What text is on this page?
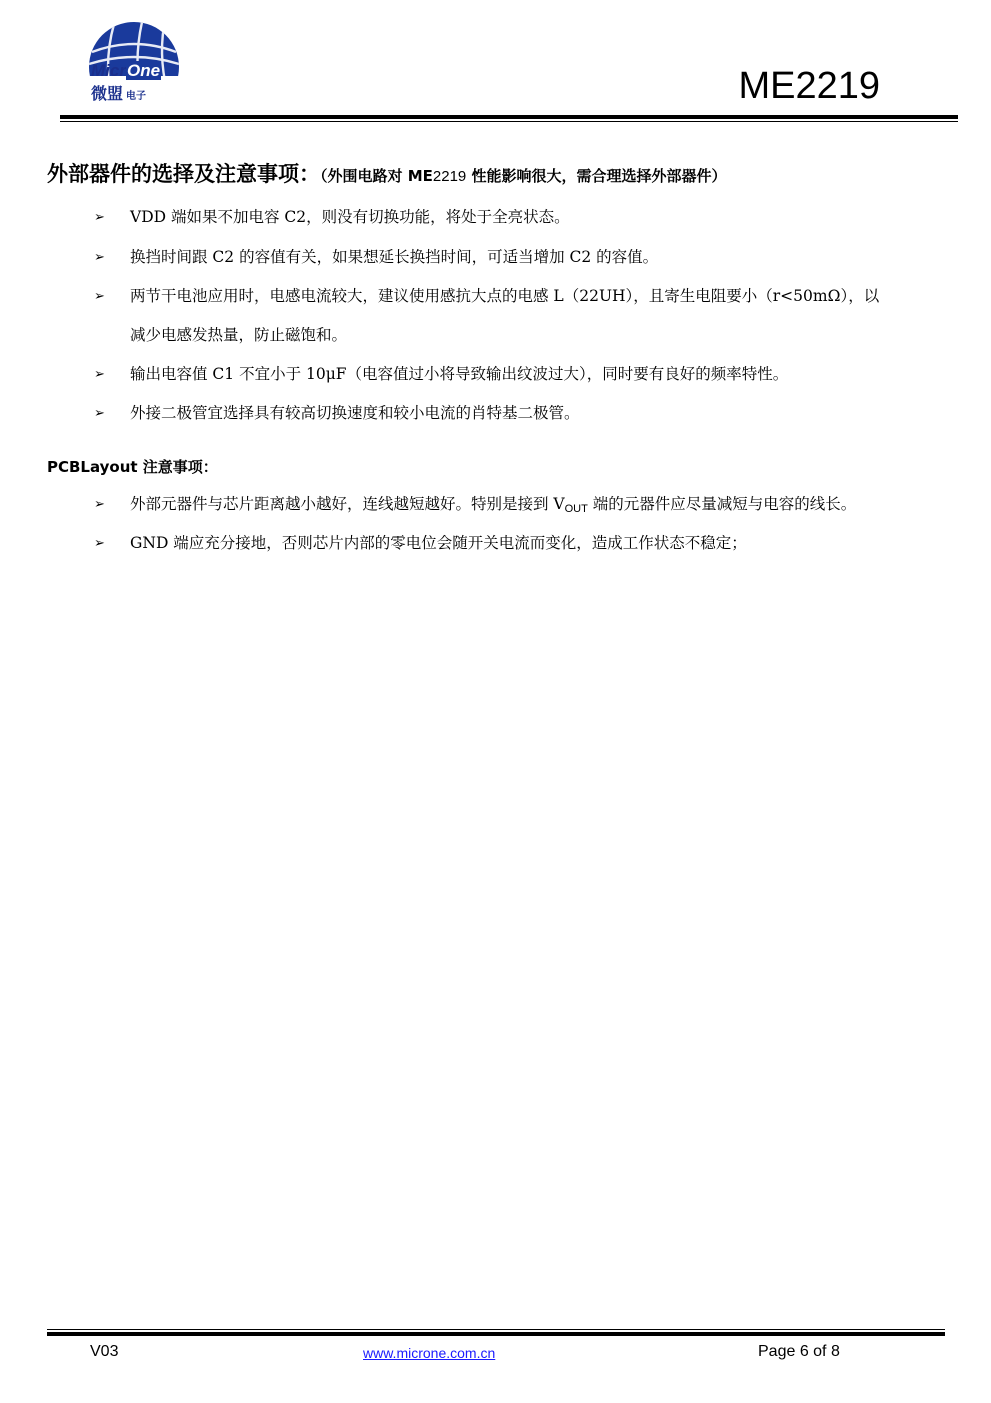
MicrOne
微盟 电子	ME2219
外部器件的选择及注意事项：（外围电路对 ME2219 性能影响很大，需合理选择外部器件）
➢ VDD 端如果不加电容 C2，则没有切换功能，将处于全亮状态。
➢ 换挡时间跟 C2 的容值有关，如果想延长换挡时间，可适当增加 C2 的容值。
➢ 两节干电池应用时，电感电流较大，建议使用感抗大点的电感 L（22UH），且寄生电阻要小（r<50mΩ），以
减少电感发热量，防止磁饱和。
➢ 输出电容值 C1 不宜小于 10μF（电容值过小将导致输出纹波过大），同时要有良好的频率特性。
➢ 外接二极管宜选择具有较高切换速度和较小电流的肖特基二极管。
PCBLayout 注意事项：
➢ 外部元器件与芯片距离越小越好，连线越短越好。特别是接到 $V_{OUT}$ 端的元器件应尽量减短与电容的线长。
➢ GND 端应充分接地，否则芯片内部的零电位会随开关电流而变化，造成工作状态不稳定；
V03	www.microne.com.cn	Page 6 of 8
